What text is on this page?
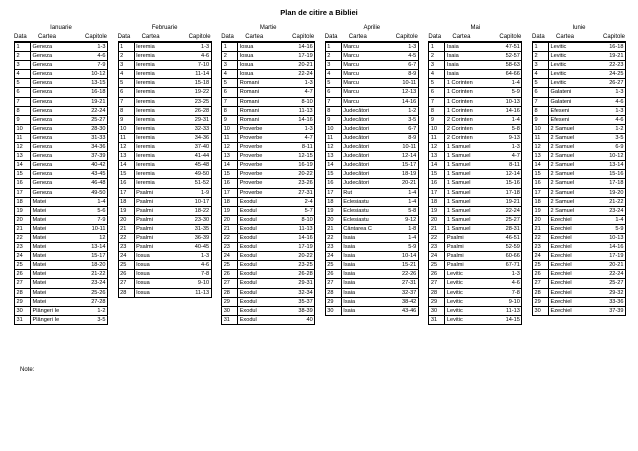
Plan de citire a Bibliei
Ianuarie
Data Cartea	Capitole
1	Geneza	1-3
2	Geneza	4-6
3	Geneza	7-9
4	Geneza	10-12
5	Geneza	13-15
6	Geneza	16-18
7	Geneza	19-21
8	Geneza	22-24
9	Geneza	25-27
10	Geneza	28-30
11	Geneza	31-33
12	Geneza	34-36
13	Geneza	37-39
14	Geneza	40-42
15	Geneza	43-45
16	Geneza	46-48
17	Geneza	49-50
18	Matei	1-4
19	Matei	5-6
20	Matei	7-9
21	Matei	10-11
22	Matei	12
23	Matei	13-14
24	Matei	15-17
25	Matei	18-20
26	Matei	21-22
27	Matei	23-24
28	Matei	25-26
29	Matei	27-28
30	Plângeri Ie	1-2
31	Plângeri Ie	3-5
Februarie
Data Cartea	Capitole
1	Ieremia	1-3
2	Ieremia	4-6
3	Ieremia	7-10
4	Ieremia	11-14
5	Ieremia	15-18
6	Ieremia	19-22
7	Ieremia	23-25
8	Ieremia	26-28
9	Ieremia	29-31
10	Ieremia	32-33
11	Ieremia	34-36
12	Ieremia	37-40
13	Ieremia	41-44
14	Ieremia	45-48
15	Ieremia	49-50
16	Ieremia	51-52
17	Psalmi	1-9
18	Psalmi	10-17
19	Psalmi	18-22
20	Psalmi	23-30
21	Psalmi	31-35
22	Psalmi	36-39
23	Psalmi	40-45
24	Iosua	1-3
25	Iosua	4-6
26	Iosua	7-8
27	Iosua	9-10
28	Iosua	11-13
Martie
Data Cartea	Capitole
1	Iosua	14-16
2	Iosua	17-19
3	Iosua	20-21
4	Iosua	22-24
5	Romani	1-3
6	Romani	4-7
7	Romani	8-10
8	Romani	11-13
9	Romani	14-16
10	Proverbe	1-3
11	Proverbe	4-7
12	Proverbe	8-11
13	Proverbe	12-15
14	Proverbe	16-19
15	Proverbe	20-22
16	Proverbe	23-26
17	Proverbe	27-31
18	Exodul	2-4
19	Exodul	5-7
20	Exodul	8-10
21	Exodul	11-13
22	Exodul	14-16
23	Exodul	17-19
24	Exodul	20-22
25	Exodul	23-25
26	Exodul	26-28
27	Exodul	29-31
28	Exodul	32-34
29	Exodul	35-37
30	Exodul	38-39
31	Exodul	40
Aprilie
Data Cartea	Capitole
1	Marcu	1-3
2	Marcu	4-5
3	Marcu	6-7
4	Marcu	8-9
5	Marcu	10-11
6	Marcu	12-13
7	Marcu	14-16
8	Judecători	1-2
9	Judecători	3-5
10	Judecători	6-7
11	Judecători	8-9
12	Judecători	10-11
13	Judecători	12-14
14	Judecători	15-17
15	Judecători	18-19
16	Judecători	20-21
17	Rut	1-4
18	Eclesiastu	1-4
19	Eclesiastu	5-8
20	Eclesiastu	9-12
21	Cântarea C	1-8
22	Isaia	1-4
23	Isaia	5-9
24	Isaia	10-14
25	Isaia	15-21
26	Isaia	22-26
27	Isaia	27-31
28	Isaia	32-37
29	Isaia	38-42
30	Isaia	43-46
Mai
Data Cartea	Capitole
1	Isaia	47-51
2	Isaia	52-57
3	Isaia	58-63
4	Isaia	64-66
5	1 Corinten	1-4
6	1 Corinten	5-9
7	1 Corinten	10-13
8	1 Corinten	14-16
9	2 Corinten	1-4
10	2 Corinten	5-8
11	2 Corinten	9-13
12	1 Samuel	1-3
13	1 Samuel	4-7
14	1 Samuel	8-11
15	1 Samuel	12-14
16	1 Samuel	15-16
17	1 Samuel	17-18
18	1 Samuel	19-21
19	1 Samuel	22-24
20	1 Samuel	25-27
21	1 Samuel	28-31
22	Psalmi	46-51
23	Psalmi	52-59
24	Psalmi	60-66
25	Psalmi	67-71
26	Levitic	1-3
27	Levitic	4-6
28	Levitic	7-8
29	Levitic	9-10
30	Levitic	11-13
31	Levitic	14-15
Iunie
Data Cartea	Capitole
1	Levitic	16-18
2	Levitic	19-21
3	Levitic	22-23
4	Levitic	24-25
5	Levitic	26-27
6	Galateni	1-3
7	Galateni	4-6
8	Efeseni	1-3
9	Efeseni	4-6
10	2 Samuel	1-2
11	2 Samuel	3-5
12	2 Samuel	6-9
13	2 Samuel	10-12
14	2 Samuel	13-14
15	2 Samuel	15-16
16	2 Samuel	17-18
17	2 Samuel	19-20
18	2 Samuel	21-22
19	2 Samuel	23-24
20	Ezechiel	1-4
21	Ezechiel	5-9
22	Ezechiel	10-13
23	Ezechiel	14-16
24	Ezechiel	17-19
25	Ezechiel	20-21
26	Ezechiel	22-24
27	Ezechiel	25-27
28	Ezechiel	29-32
29	Ezechiel	33-36
30	Ezechiel	37-39
Note:
